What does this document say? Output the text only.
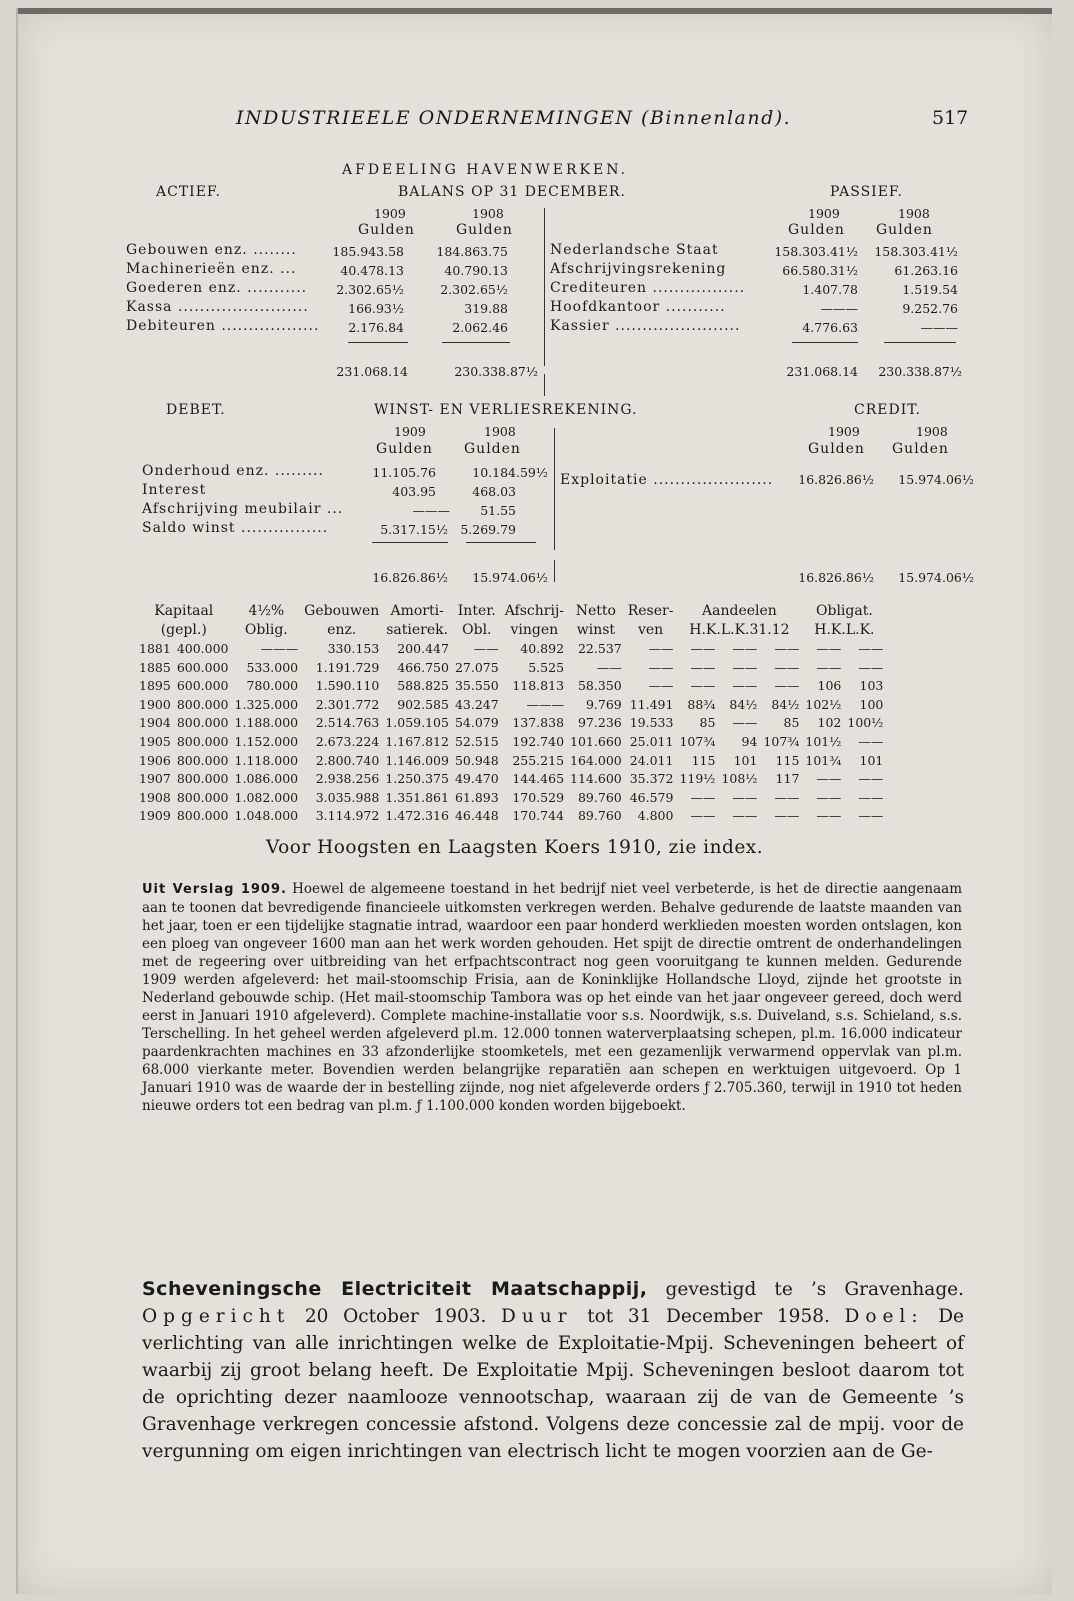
INDUSTRIEELE ONDERNEMINGEN (Binnenland).	517
AFDEELING HAVENWERKEN.
ACTIEF.	BALANS OP 31 DECEMBER.	PASSIEF.
1909	1908
Gulden	Gulden
1909	1908
Gulden Gulden
Gebouwen enz. ........	185.943.58	184.863.75
Machinerieën enz. ...	40.478.13	40.790.13
Goederen enz. ...........	2.302.65½	2.302.65½
Kassa ........................	166.93½	319.88
Debiteuren ..................	2.176.84	2.062.46
231.068.14	230.338.87½
Nederlandsche Staat	158.303.41½	158.303.41½
Afschrijvingsrekening	66.580.31½	61.263.16
Crediteuren .................	1.407.78	1.519.54
Hoofdkantoor ...........	———	9.252.76
Kassier .......................	4.776.63	———
231.068.14	230.338.87½
DEBET.	WINST- EN VERLIESREKENING.	CREDIT.
1909	1908
Gulden Gulden
1909	1908
Gulden Gulden
Onderhoud enz. .........	11.105.76	10.184.59½
Interest	403.95	468.03
Afschrijving meubilair ...	———	51.55
Saldo winst ................	5.317.15½ 5.269.79
16.826.86½	15.974.06½
Exploitatie ......................	16.826.86½	15.974.06½
16.826.86½	15.974.06½
Kapitaal		4½%	Gebouwen	Amorti-	Inter.	Afschrij-	Netto	Reser-	Aandeelen			Obligat.	
(gepl.)		Oblig.	enz.	satierek.	Obl.	vingen	winst	ven	H.K.L.K.31.12			H.K.L.K.	
1881	400.000	———	330.153	200.447	——	40.892	22.537	——	——	——	——	——	——
1885	600.000	533.000	1.191.729	466.750	27.075	5.525	——	——	——	——	——	——	——
1895	600.000	780.000	1.590.110	588.825	35.550	118.813	58.350	——	——	——	——	106	103
1900	800.000	1.325.000	2.301.772	902.585	43.247	———	9.769	11.491	88¾	84½	84½	102½	100
1904	800.000	1.188.000	2.514.763	1.059.105	54.079	137.838	97.236	19.533	85	——	85	102	100½
1905	800.000	1.152.000	2.673.224	1.167.812	52.515	192.740	101.660	25.011	107¾	94	107¾	101½	——
1906	800.000	1.118.000	2.800.740	1.146.009	50.948	255.215	164.000	24.011	115	101	115	101¾	101
1907	800.000	1.086.000	2.938.256	1.250.375	49.470	144.465	114.600	35.372	119½	108½	117	——	——
1908	800.000	1.082.000	3.035.988	1.351.861	61.893	170.529	89.760	46.579	——	——	——	——	——
1909	800.000	1.048.000	3.114.972	1.472.316	46.448	170.744	89.760	4.800	——	——	——	——	——
Voor Hoogsten en Laagsten Koers 1910, zie index.
Uit Verslag 1909. Hoewel de algemeene toestand in het bedrijf niet veel verbeterde, is het de directie aangenaam aan te toonen dat bevredigende financieele uitkomsten verkregen werden. Behalve gedurende de laatste maanden van het jaar, toen er een tijdelijke stagnatie intrad, waardoor een paar honderd werklieden moesten worden ontslagen, kon een ploeg van ongeveer 1600 man aan het werk worden gehouden. Het spijt de directie omtrent de onderhandelingen met de regeering over uitbreiding van het erfpachtscontract nog geen vooruitgang te kunnen melden. Gedurende 1909 werden afgeleverd: het mail-stoomschip Frisia, aan de Koninklijke Hollandsche Lloyd, zijnde het grootste in Nederland gebouwde schip. (Het mail-stoomschip Tambora was op het einde van het jaar ongeveer gereed, doch werd eerst in Januari 1910 afgeleverd). Complete machine-installatie voor s.s. Noordwijk, s.s. Duiveland, s.s. Schieland, s.s. Terschelling. In het geheel werden afgeleverd pl.m. 12.000 tonnen waterverplaatsing schepen, pl.m. 16.000 indicateur paardenkrachten machines en 33 afzonderlijke stoomketels, met een gezamenlijk verwarmend oppervlak van pl.m. 68.000 vierkante meter. Bovendien werden belangrijke reparatiën aan schepen en werktuigen uitgevoerd. Op 1 Januari 1910 was de waarde der in bestelling zijnde, nog niet afgeleverde orders ƒ 2.705.360, terwijl in 1910 tot heden nieuwe orders tot een bedrag van pl.m. ƒ 1.100.000 konden worden bijgeboekt.
Scheveningsche Electriciteit Maatschappij, gevestigd te ’s Gravenhage. Opgericht 20 October 1903. Duur tot 31 December 1958. Doel: De verlichting van alle inrichtingen welke de Exploitatie-Mpij. Scheveningen beheert of waarbij zij groot belang heeft. De Exploitatie Mpij. Scheveningen besloot daarom tot de oprichting dezer naamlooze vennootschap, waaraan zij de van de Gemeente ’s Gravenhage verkregen concessie afstond. Volgens deze concessie zal de mpij. voor de vergunning om eigen inrichtingen van electrisch licht te mogen voorzien aan de Ge-
